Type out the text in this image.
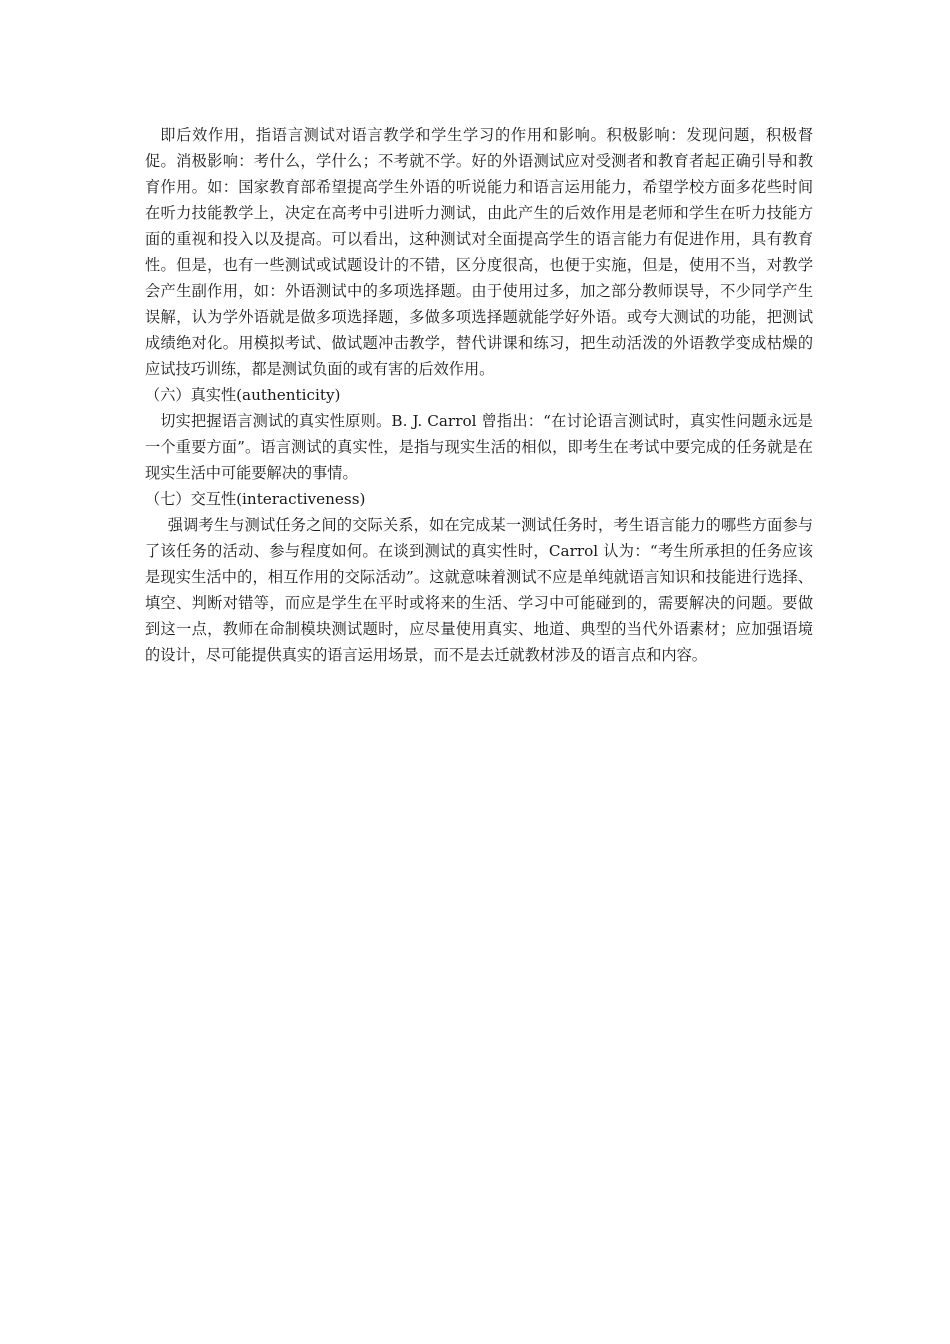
即后效作用，指语言测试对语言教学和学生学习的作用和影响。积极影响：发现问题，积极督促。消极影响：考什么，学什么；不考就不学。好的外语测试应对受测者和教育者起正确引导和教育作用。如：国家教育部希望提高学生外语的听说能力和语言运用能力，希望学校方面多花些时间在听力技能教学上，决定在高考中引进听力测试，由此产生的后效作用是老师和学生在听力技能方面的重视和投入以及提高。可以看出，这种测试对全面提高学生的语言能力有促进作用，具有教育性。但是，也有一些测试或试题设计的不错，区分度很高，也便于实施，但是，使用不当，对教学会产生副作用，如：外语测试中的多项选择题。由于使用过多，加之部分教师误导，不少同学产生误解，认为学外语就是做多项选择题，多做多项选择题就能学好外语。或夸大测试的功能，把测试成绩绝对化。用模拟考试、做试题冲击教学，替代讲课和练习，把生动活泼的外语教学变成枯燥的应试技巧训练，都是测试负面的或有害的后效作用。

（六）真实性(authenticity)

切实把握语言测试的真实性原则。B. J. Carrol 曾指出：“在讨论语言测试时，真实性问题永远是一个重要方面”。语言测试的真实性，是指与现实生活的相似，即考生在考试中要完成的任务就是在现实生活中可能要解决的事情。

（七）交互性(interactiveness)

强调考生与测试任务之间的交际关系，如在完成某一测试任务时，考生语言能力的哪些方面参与了该任务的活动、参与程度如何。在谈到测试的真实性时，Carrol 认为：“考生所承担的任务应该是现实生活中的，相互作用的交际活动”。这就意味着测试不应是单纯就语言知识和技能进行选择、填空、判断对错等，而应是学生在平时或将来的生活、学习中可能碰到的，需要解决的问题。要做到这一点，教师在命制模块测试题时，应尽量使用真实、地道、典型的当代外语素材；应加强语境的设计，尽可能提供真实的语言运用场景，而不是去迁就教材涉及的语言点和内容。
